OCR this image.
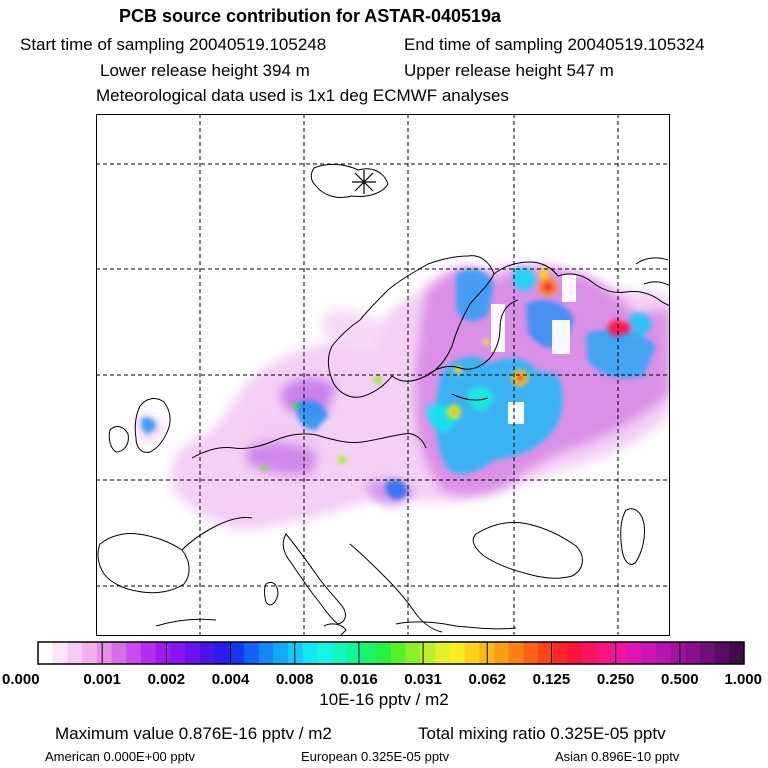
PCB source contribution for ASTAR-040519a
Start time of sampling 20040519.105248	End time of sampling 20040519.105324
Lower release height 394 m	Upper release height 547 m
Meteorological data used is 1x1 deg ECMWF analyses
0.000	0.001 0.002 0.004 0.008 0.016 0.031 0.062 0.125 0.250 0.500 1.000
10E-16 pptv / m2
Maximum value 0.876E-16 pptv / m2	Total mixing ratio 0.325E-05 pptv
American 0.000E+00 pptv	European 0.325E-05 pptv	Asian 0.896E-10 pptv
